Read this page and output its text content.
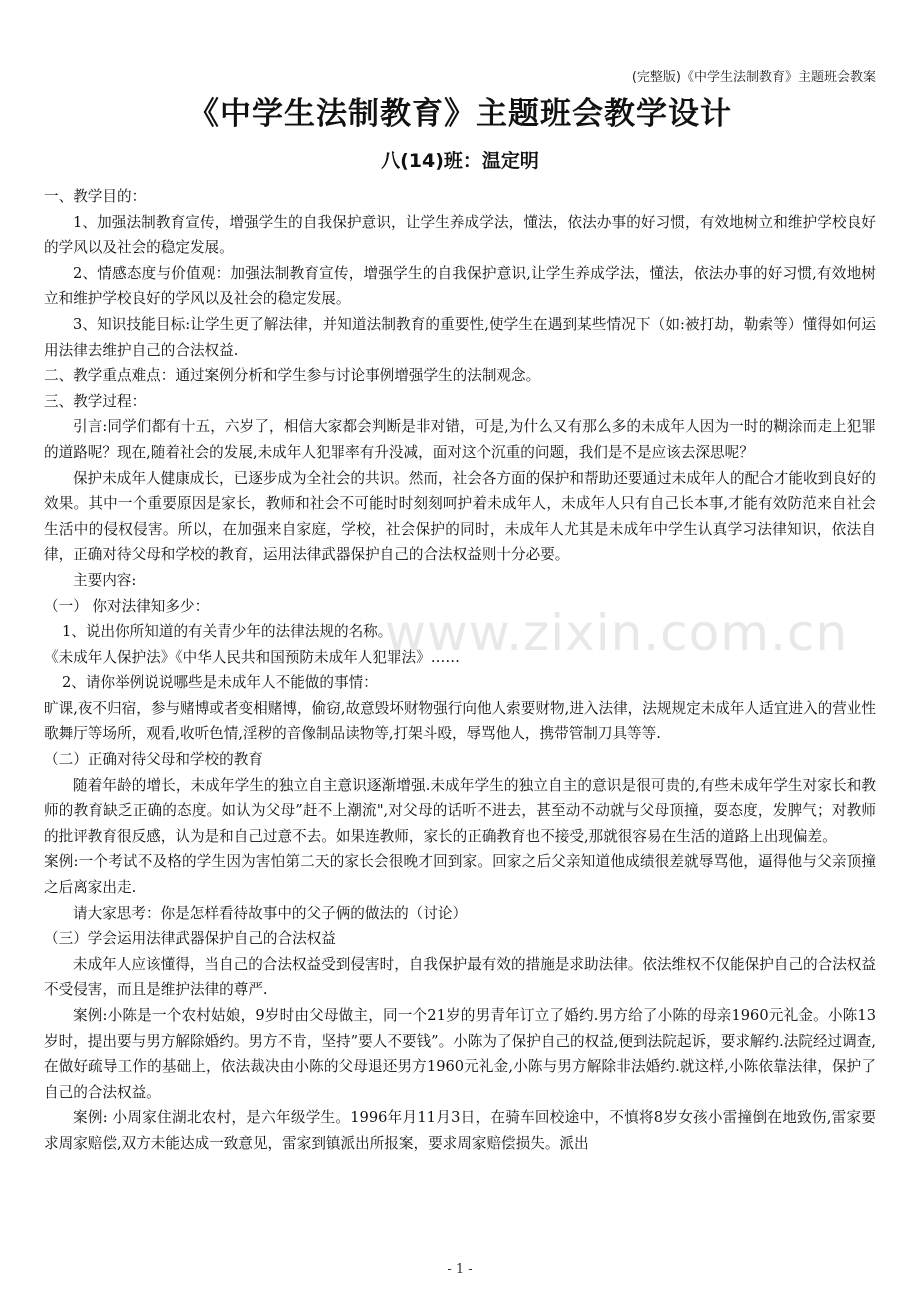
(完整版)《中学生法制教育》主题班会教案
《中学生法制教育》主题班会教学设计
八(14)班：温定明
www.zixin.com.cn

一、教学目的：

1、加强法制教育宣传，增强学生的自我保护意识，让学生养成学法，懂法，依法办事的好习惯，有效地树立和维护学校良好的学风以及社会的稳定发展。

2、情感态度与价值观：加强法制教育宣传，增强学生的自我保护意识,让学生养成学法，懂法，依法办事的好习惯,有效地树立和维护学校良好的学风以及社会的稳定发展。

3、知识技能目标:让学生更了解法律，并知道法制教育的重要性,使学生在遇到某些情况下（如:被打劫，勒索等）懂得如何运用法律去维护自己的合法权益.

二、教学重点难点：通过案例分析和学生参与讨论事例增强学生的法制观念。

三、教学过程：

引言:同学们都有十五，六岁了，相信大家都会判断是非对错，可是,为什么又有那么多的未成年人因为一时的糊涂而走上犯罪的道路呢？现在,随着社会的发展,未成年人犯罪率有升没减，面对这个沉重的问题，我们是不是应该去深思呢？

保护未成年人健康成长，已逐步成为全社会的共识。然而，社会各方面的保护和帮助还要通过未成年人的配合才能收到良好的效果。其中一个重要原因是家长，教师和社会不可能时时刻刻呵护着未成年人，未成年人只有自己长本事,才能有效防范来自社会生活中的侵权侵害。所以，在加强来自家庭，学校，社会保护的同时，未成年人尤其是未成年中学生认真学习法律知识，依法自律，正确对待父母和学校的教育，运用法律武器保护自己的合法权益则十分必要。

主要内容:

（一） 你对法律知多少：

1、说出你所知道的有关青少年的法律法规的名称。

《未成年人保护法》《中华人民共和国预防未成年人犯罪法》……

2、请你举例说说哪些是未成年人不能做的事情：

旷课,夜不归宿，参与赌博或者变相赌博，偷窃,故意毁坏财物强行向他人索要财物,进入法律，法规规定未成年人适宜进入的营业性歌舞厅等场所，观看,收听色情,淫秽的音像制品读物等,打架斗殴，辱骂他人，携带管制刀具等等.

（二）正确对待父母和学校的教育

随着年龄的增长，未成年学生的独立自主意识逐渐增强.未成年学生的独立自主的意识是很可贵的,有些未成年学生对家长和教师的教育缺乏正确的态度。如认为父母”赶不上潮流",对父母的话听不进去，甚至动不动就与父母顶撞，耍态度，发脾气；对教师的批评教育很反感，认为是和自己过意不去。如果连教师，家长的正确教育也不接受,那就很容易在生活的道路上出现偏差。

案例:一个考试不及格的学生因为害怕第二天的家长会很晚才回到家。回家之后父亲知道他成绩很差就辱骂他，逼得他与父亲顶撞之后离家出走.

请大家思考：你是怎样看待故事中的父子俩的做法的（讨论）

（三）学会运用法律武器保护自己的合法权益

未成年人应该懂得，当自己的合法权益受到侵害时，自我保护最有效的措施是求助法律。依法维权不仅能保护自己的合法权益不受侵害，而且是维护法律的尊严.

案例:小陈是一个农村姑娘，9岁时由父母做主，同一个21岁的男青年订立了婚约.男方给了小陈的母亲1960元礼金。小陈13岁时，提出要与男方解除婚约。男方不肯，坚持”要人不要钱”。小陈为了保护自己的权益,便到法院起诉，要求解约.法院经过调查,在做好疏导工作的基础上，依法裁决由小陈的父母退还男方1960元礼金,小陈与男方解除非法婚约.就这样,小陈依靠法律，保护了自己的合法权益。

案例: 小周家住湖北农村，是六年级学生。1996年月11月3日，在骑车回校途中，不慎将8岁女孩小雷撞倒在地致伤,雷家要求周家赔偿,双方未能达成一致意见，雷家到镇派出所报案，要求周家赔偿损失。派出

- 1 -
